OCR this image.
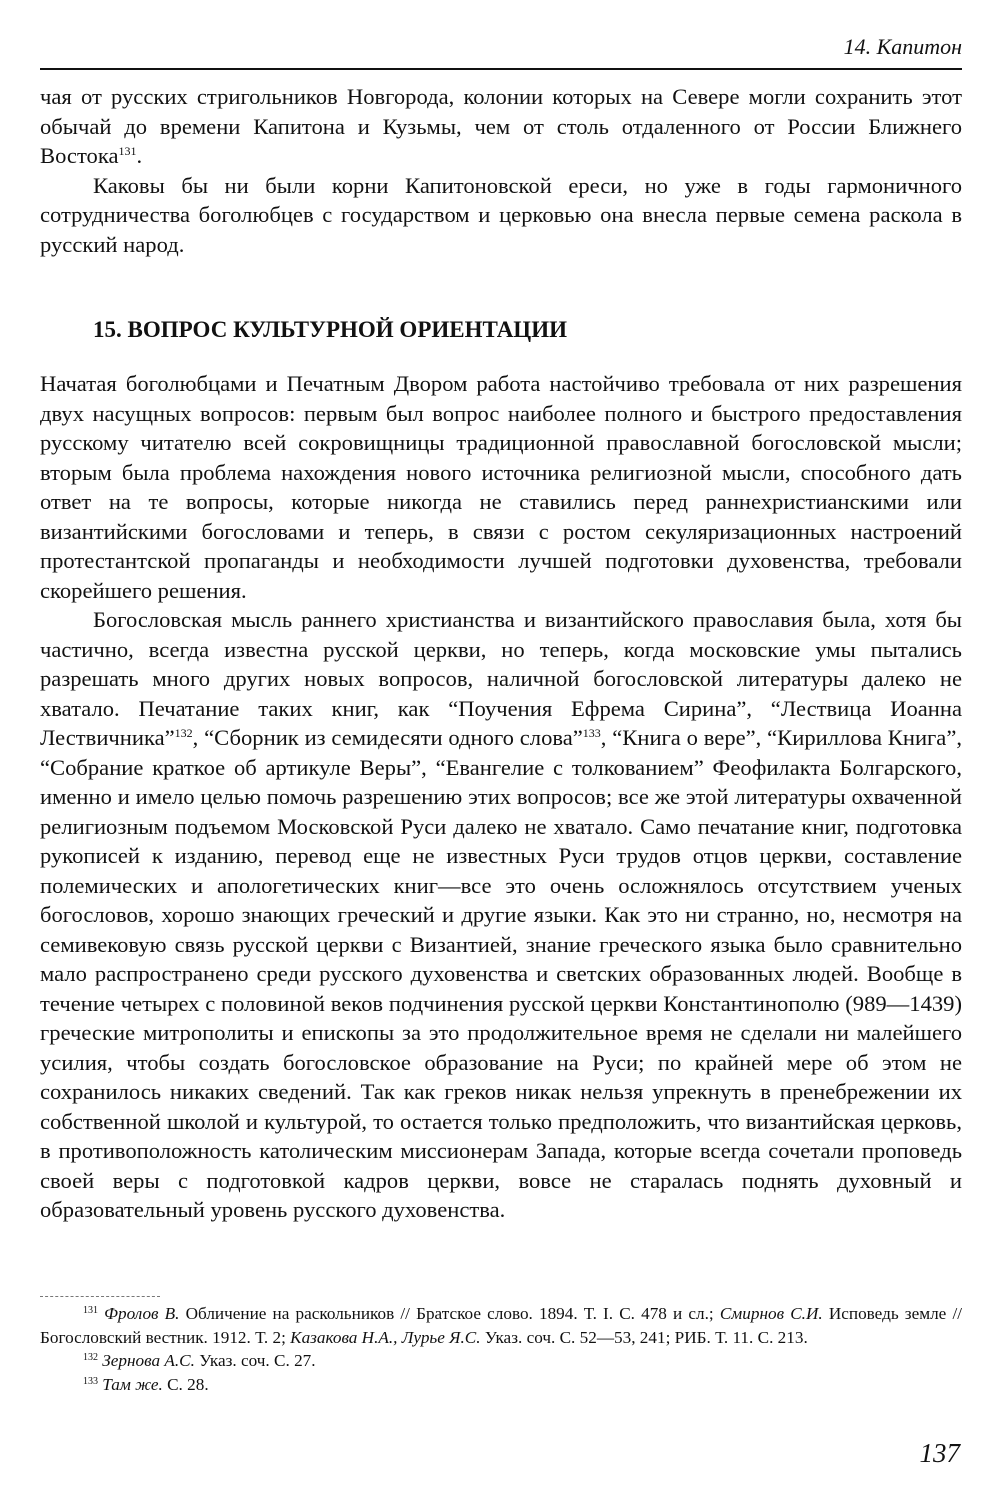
14. Капитон

чая от русских стригольников Новгорода, колонии которых на Севере могли сохранить этот обычай до времени Капитона и Кузьмы, чем от столь отдаленного от России Ближнего Востока$^{131}$.

Каковы бы ни были корни Капитоновской ереси, но уже в годы гармоничного сотрудничества боголюбцев с государством и церковью она внесла первые семена раскола в русский народ.

15. ВОПРОС КУЛЬТУРНОЙ ОРИЕНТАЦИИ

Начатая боголюбцами и Печатным Двором работа настойчиво требовала от них разрешения двух насущных вопросов: первым был вопрос наиболее полного и быстрого предоставления русскому читателю всей сокровищницы традиционной православной богословской мысли; вторым была проблема нахождения нового источника религиозной мысли, способного дать ответ на те вопросы, которые никогда не ставились перед раннехристианскими или византийскими богословами и теперь, в связи с ростом секуляризационных настроений протестантской пропаганды и необходимости лучшей подготовки духовенства, требовали скорейшего решения.

Богословская мысль раннего христианства и византийского православия была, хотя бы частично, всегда известна русской церкви, но теперь, когда московские умы пытались разрешать много других новых вопросов, наличной богословской литературы далеко не хватало. Печатание таких книг, как “Поучения Ефрема Сирина”, “Лествица Иоанна Лествичника”$^{132}$, “Сборник из семидесяти одного слова”$^{133}$, “Книга о вере”, “Кириллова Книга”, “Собрание краткое об артикуле Веры”, “Евангелие с толкованием” Феофилакта Болгарского, именно и имело целью помочь разрешению этих вопросов; все же этой литературы охваченной религиозным подъемом Московской Руси далеко не хватало. Само печатание книг, подготовка рукописей к изданию, перевод еще не известных Руси трудов отцов церкви, составление полемических и апологетических книг—все это очень осложнялось отсутствием ученых богословов, хорошо знающих греческий и другие языки. Как это ни странно, но, несмотря на семивековую связь русской церкви с Византией, знание греческого языка было сравнительно мало распространено среди русского духовенства и светских образованных людей. Вообще в течение четырех с половиной веков подчинения русской церкви Константинополю (989—1439) греческие митрополиты и епископы за это продолжительное время не сделали ни малейшего усилия, чтобы создать богословское образование на Руси; по крайней мере об этом не сохранилось никаких сведений. Так как греков никак нельзя упрекнуть в пренебрежении их собственной школой и культурой, то остается только предположить, что византийская церковь, в противоположность католическим миссионерам Запада, которые всегда сочетали проповедь своей веры с подготовкой кадров церкви, вовсе не старалась поднять духовный и образовательный уровень русского духовенства.

$^{131}$ Фролов В. Обличение на раскольников // Братское слово. 1894. Т. I. С. 478 и сл.; Смирнов С.И. Исповедь земле // Богословский вестник. 1912. Т. 2; Казакова Н.А., Лурье Я.С. Указ. соч. С. 52—53, 241; РИБ. Т. 11. С. 213.

$^{132}$ Зернова А.С. Указ. соч. С. 27.

$^{133}$ Там же. С. 28.

137
